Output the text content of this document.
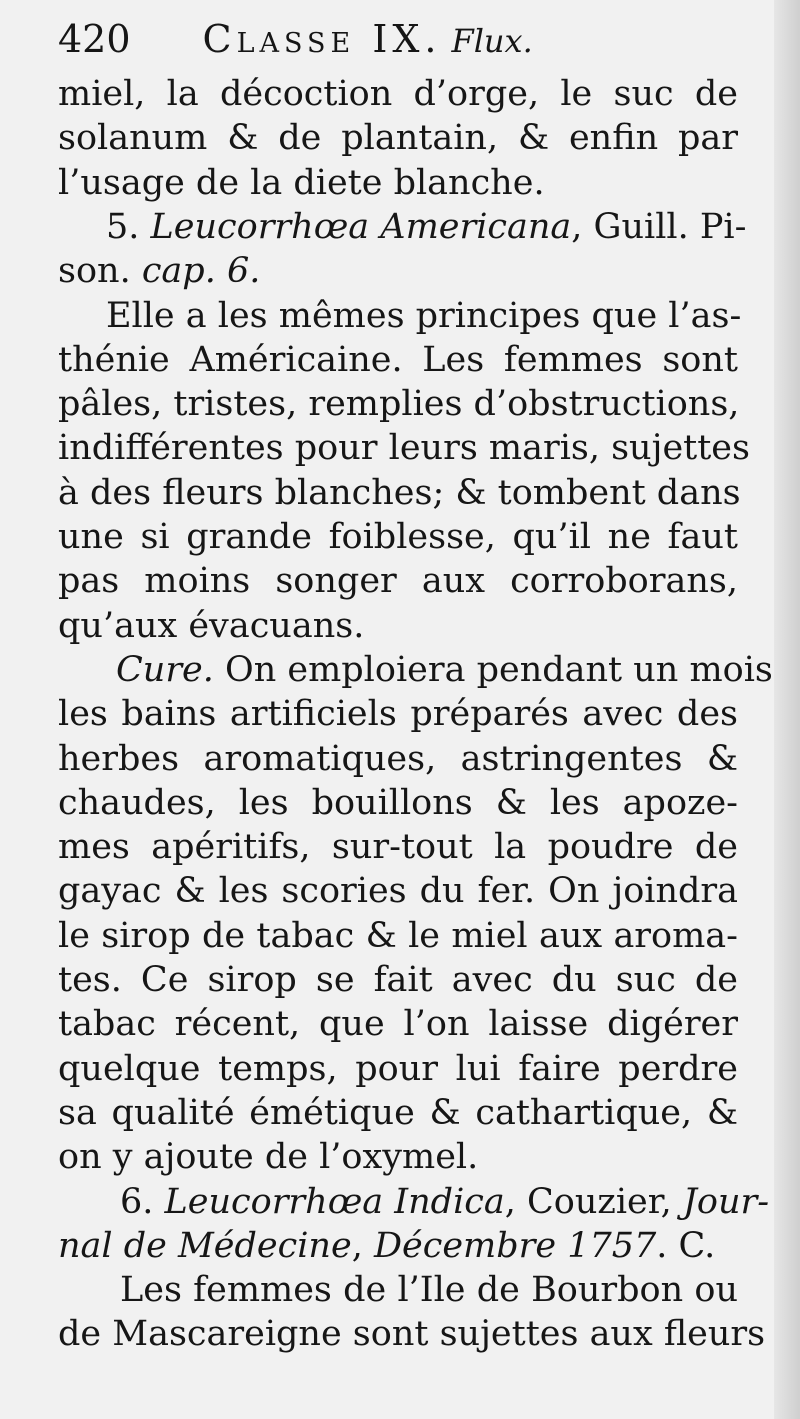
420 Classe IX. Flux.
miel, la décoction d’orge, le suc de
solanum & de plantain, & enfin par
l’usage de la diete blanche.
5. Leucorrhœa Americana, Guill. Pi-
son. cap. 6.
Elle a les mêmes principes que l’as-
thénie Américaine. Les femmes sont
pâles, tristes, remplies d’obstructions,
indifférentes pour leurs maris, sujettes
à des fleurs blanches; & tombent dans
une si grande foiblesse, qu’il ne faut
pas moins songer aux corroborans,
qu’aux évacuans.
Cure. On emploiera pendant un mois
les bains artificiels préparés avec des
herbes aromatiques, astringentes &
chaudes, les bouillons & les apoze-
mes apéritifs, sur-tout la poudre de
gayac & les scories du fer. On joindra
le sirop de tabac & le miel aux aroma-
tes. Ce sirop se fait avec du suc de
tabac récent, que l’on laisse digérer
quelque temps, pour lui faire perdre
sa qualité émétique & cathartique, &
on y ajoute de l’oxymel.
6. Leucorrhœa Indica, Couzier, Jour-
nal de Médecine, Décembre 1757. C.
Les femmes de l’Ile de Bourbon ou
de Mascareigne sont sujettes aux fleurs
